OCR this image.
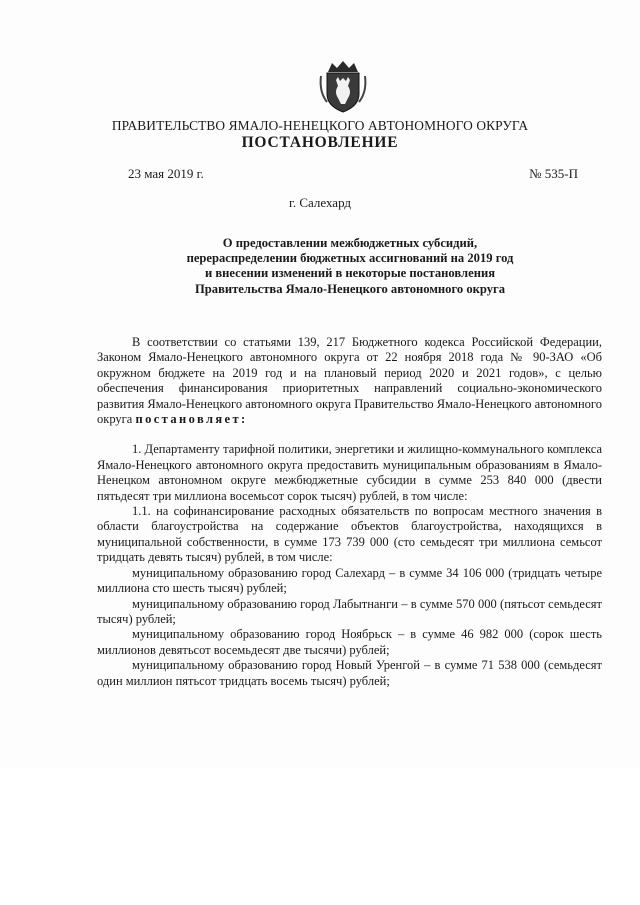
ПРАВИТЕЛЬСТВО ЯМАЛО-НЕНЕЦКОГО АВТОНОМНОГО ОКРУГА
ПОСТАНОВЛЕНИЕ
23 мая 2019 г.	№ 535-П
г. Салехард
О предоставлении межбюджетных субсидий, перераспределении бюджетных ассигнований на 2019 год и внесении изменений в некоторые постановления Правительства Ямало-Ненецкого автономного округа

В соответствии со статьями 139, 217 Бюджетного кодекса Российской Федерации, Законом Ямало-Ненецкого автономного округа от 22 ноября 2018 года № 90-ЗАО «Об окружном бюджете на 2019 год и на плановый период 2020 и 2021 годов», с целью обеспечения финансирования приоритетных направлений социально-экономического развития Ямало-Ненецкого автономного округа Правительство Ямало-Ненецкого автономного округа постановляет:

1. Департаменту тарифной политики, энергетики и жилищно-коммунального комплекса Ямало-Ненецкого автономного округа предоставить муниципальным образованиям в Ямало-Ненецком автономном округе межбюджетные субсидии в сумме 253 840 000 (двести пятьдесят три миллиона восемьсот сорок тысяч) рублей, в том числе:

1.1. на софинансирование расходных обязательств по вопросам местного значения в области благоустройства на содержание объектов благоустройства, находящихся в муниципальной собственности, в сумме 173 739 000 (сто семьдесят три миллиона семьсот тридцать девять тысяч) рублей, в том числе:

муниципальному образованию город Салехард – в сумме 34 106 000 (тридцать четыре миллиона сто шесть тысяч) рублей;

муниципальному образованию город Лабытнанги – в сумме 570 000 (пятьсот семьдесят тысяч) рублей;

муниципальному образованию город Ноябрьск – в сумме 46 982 000 (сорок шесть миллионов девятьсот восемьдесят две тысячи) рублей;

муниципальному образованию город Новый Уренгой – в сумме 71 538 000 (семьдесят один миллион пятьсот тридцать восемь тысяч) рублей;
